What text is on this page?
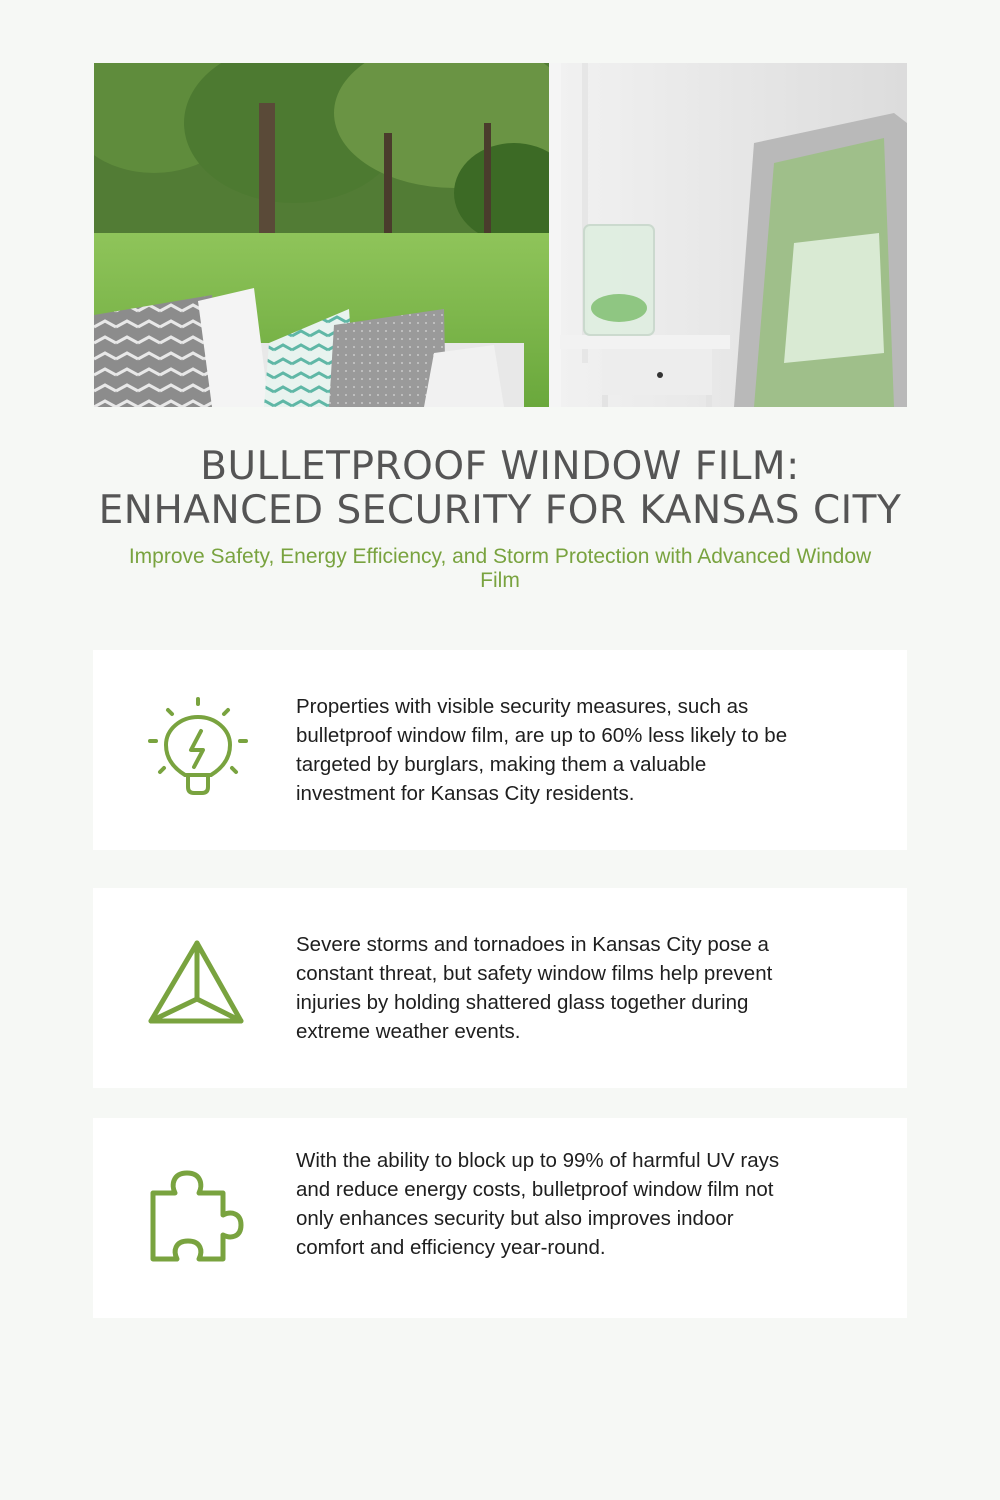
BULLETPROOF WINDOW FILM:
ENHANCED SECURITY FOR KANSAS CITY

Improve Safety, Energy Efficiency, and Storm Protection with Advanced Window Film

Properties with visible security measures, such as bulletproof window film, are up to 60% less likely to be targeted by burglars, making them a valuable investment for Kansas City residents.

Severe storms and tornadoes in Kansas City pose a constant threat, but safety window films help prevent injuries by holding shattered glass together during extreme weather events.

With the ability to block up to 99% of harmful UV rays and reduce energy costs, bulletproof window film not only enhances security but also improves indoor comfort and efficiency year-round.
